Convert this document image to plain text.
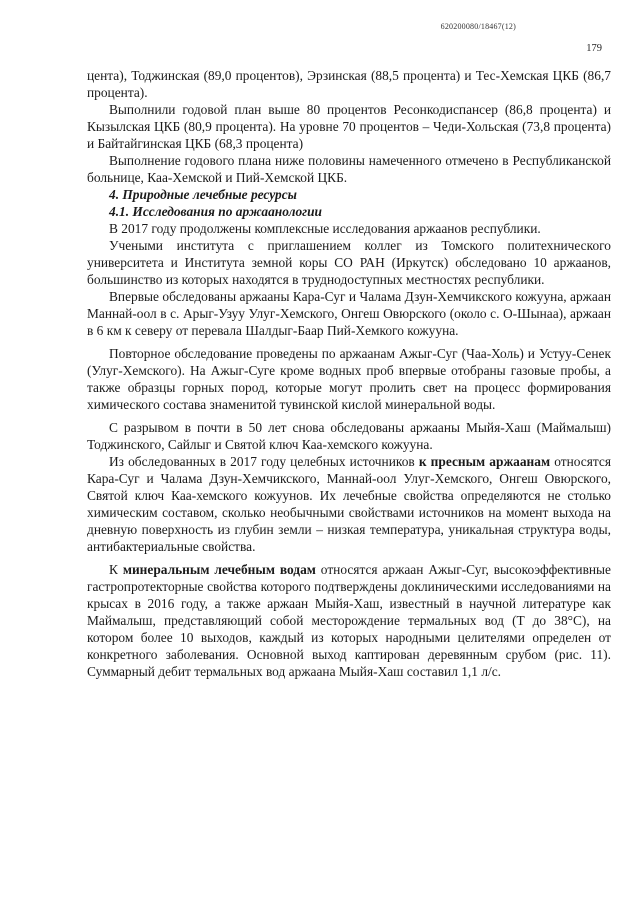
620200080/18467(12)
179

цента), Тоджинская (89,0 процентов), Эрзинская (88,5 процента) и Тес-Хемская ЦКБ (86,7 процента).

Выполнили годовой план выше 80 процентов Ресонкодиспансер (86,8 процента) и Кызылская ЦКБ (80,9 процента). На уровне 70 процентов – Чеди-Хольская (73,8 процента) и Байтайгинская ЦКБ (68,3 процента)

Выполнение годового плана ниже половины намеченного отмечено в Республиканской больнице, Каа-Хемской и Пий-Хемской ЦКБ.

4. Природные лечебные ресурсы

4.1. Исследования по аржаанологии

В 2017 году продолжены комплексные исследования аржаанов республики.

Учеными института с приглашением коллег из Томского политехнического университета и Института земной коры СО РАН (Иркутск) обследовано 10 аржаанов, большинство из которых находятся в труднодоступных местностях республики.

Впервые обследованы аржааны Кара-Суг и Чалама Дзун-Хемчикского кожууна, аржаан Маннай-оол в с. Арыг-Узуу Улуг-Хемского, Онгеш Овюрского (около с. О-Шынаа), аржаан в 6 км к северу от перевала Шалдыг-Баар Пий-Хемкого кожууна.

Повторное обследование проведены по аржаанам Ажыг-Суг (Чаа-Холь) и Устуу-Сенек (Улуг-Хемского). На Ажыг-Суге кроме водных проб впервые отобраны газовые пробы, а также образцы горных пород, которые могут пролить свет на процесс формирования химического состава знаменитой тувинской кислой минеральной воды.

С разрывом в почти в 50 лет снова обследованы аржааны Мыйя-Хаш (Маймалыш) Тоджинского, Сайлыг и Святой ключ Каа-хемского кожууна.

Из обследованных в 2017 году целебных источников к пресным аржаанам относятся Кара-Суг и Чалама Дзун-Хемчикского, Маннай-оол Улуг-Хемского, Онгеш Овюрского, Святой ключ Каа-хемского кожуунов. Их лечебные свойства определяются не столько химическим составом, сколько необычными свойствами источников на момент выхода на дневную поверхность из глубин земли – низкая температура, уникальная структура воды, антибактериальные свойства.

К минеральным лечебным водам относятся аржаан Ажыг-Суг, высокоэффективные гастропротекторные свойства которого подтверждены доклиническими исследованиями на крысах в 2016 году, а также аржаан Мыйя-Хаш, известный в научной литературе как Маймалыш, представляющий собой месторождение термальных вод (T до 38°С), на котором более 10 выходов, каждый из которых народными целителями определен от конкретного заболевания. Основной выход каптирован деревянным срубом (рис. 11). Суммарный дебит термальных вод аржаана Мыйя-Хаш составил 1,1 л/с.
